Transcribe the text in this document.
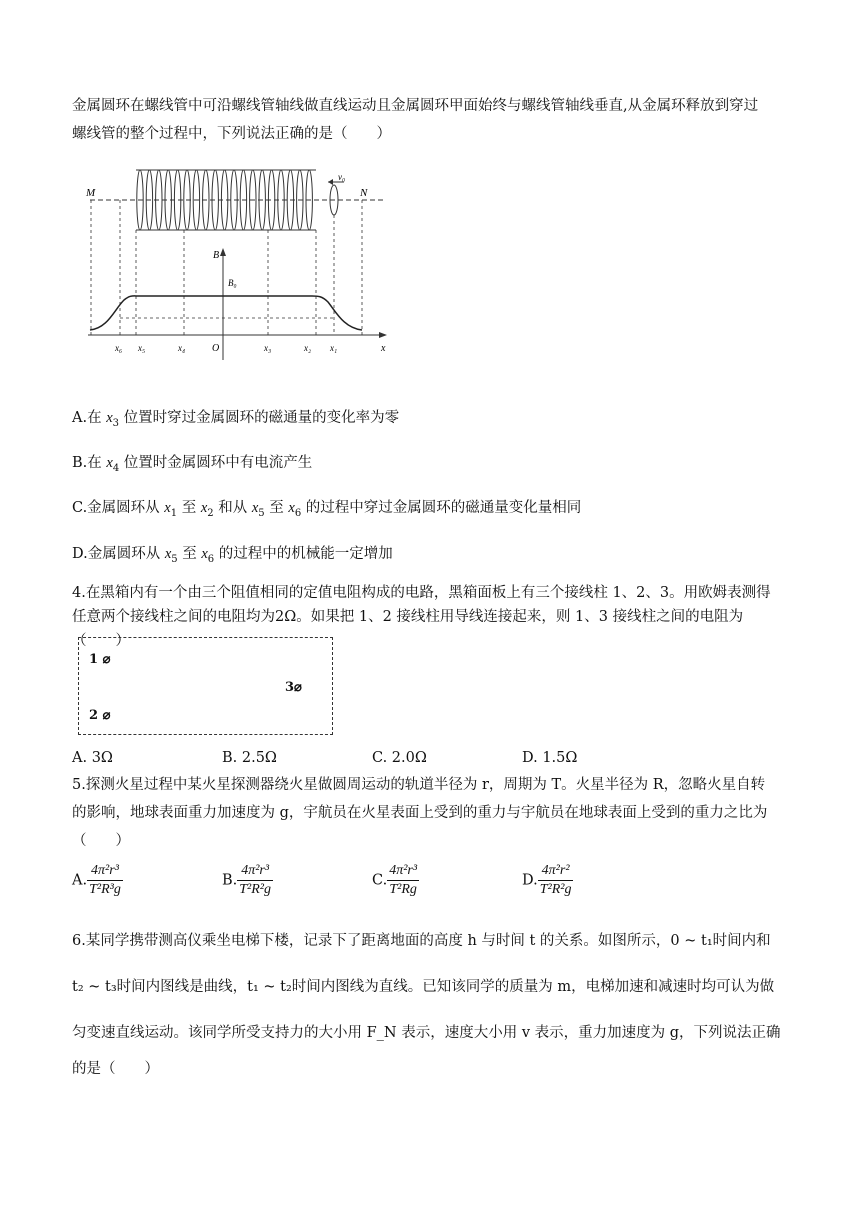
金属圆环在螺线管中可沿螺线管轴线做直线运动且金属圆环甲面始终与螺线管轴线垂直,从金属环释放到穿过
螺线管的整个过程中，下列说法正确的是（　　）
v₀
M	N
B
B₀
x
O
x₆ x₅	x₄	x₃	x₂ x₁
A.在 $x_3$ 位置时穿过金属圆环的磁通量的变化率为零
B.在 $x_4$ 位置时金属圆环中有电流产生
C.金属圆环从 $x_1$ 至 $x_2$ 和从 $x_5$ 至 $x_6$ 的过程中穿过金属圆环的磁通量变化量相同
D.金属圆环从 $x_5$ 至 $x_6$ 的过程中的机械能一定增加
4.在黑箱内有一个由三个阻值相同的定值电阻构成的电路，黑箱面板上有三个接线柱 1、2、3。用欧姆表测得
任意两个接线柱之间的电阻均为2Ω。如果把 1、2 接线柱用导线连接起来，则 1、3 接线柱之间的电阻为（　　）
1 ⌀
3⌀
2 ⌀
A. 3Ω	B. 2.5Ω	C. 2.0Ω	D. 1.5Ω
5.探测火星过程中某火星探测器绕火星做圆周运动的轨道半径为 r，周期为 T。火星半径为 R，忽略火星自转
的影响，地球表面重力加速度为 g，宇航员在火星表面上受到的重力与宇航员在地球表面上受到的重力之比为
（　　）
A. $\frac{\text{4π²r³}}{\text{T²R³g}}$	B. $\frac{\text{4π²r³}}{\text{T²R²g}}$	C. $\frac{\text{4π²r³}}{\text{T²Rg}}$	D. $\frac{\text{4π²r²}}{\text{T²R²g}}$
6.某同学携带测高仪乘坐电梯下楼，记录下了距离地面的高度 h 与时间 t 的关系。如图所示，0 ~ t₁时间内和
t₂ ~ t₃时间内图线是曲线，t₁ ~ t₂时间内图线为直线。已知该同学的质量为 m，电梯加速和减速时均可认为做
匀变速直线运动。该同学所受支持力的大小用 F_N 表示，速度大小用 v 表示，重力加速度为 g，下列说法正确
的是（　　）
